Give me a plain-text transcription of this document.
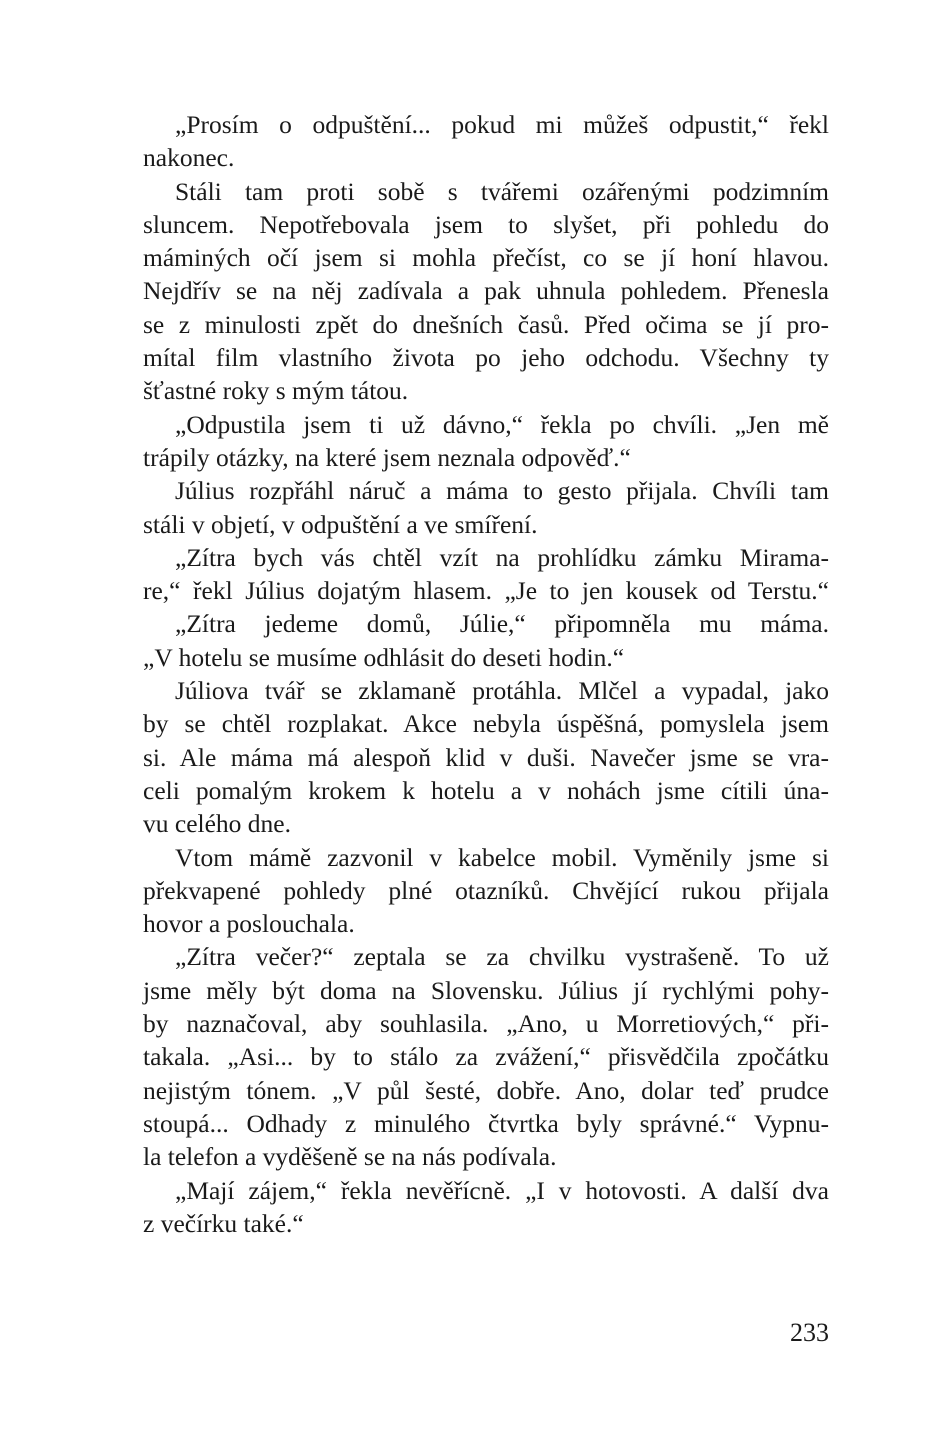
„Prosím o odpuštění... pokud mi můžeš odpustit,“ řekl
nakonec.
Stáli tam proti sobě s tvářemi ozářenými podzimním
sluncem. Nepotřebovala jsem to slyšet, při pohledu do
máminých očí jsem si mohla přečíst, co se jí honí hlavou.
Nejdřív se na něj zadívala a pak uhnula pohledem. Přenesla
se z minulosti zpět do dnešních časů. Před očima se jí pro-
mítal film vlastního života po jeho odchodu. Všechny ty
šťastné roky s mým tátou.
„Odpustila jsem ti už dávno,“ řekla po chvíli. „Jen mě
trápily otázky, na které jsem neznala odpověď.“
Július rozpřáhl náruč a máma to gesto přijala. Chvíli tam
stáli v objetí, v odpuštění a ve smíření.
„Zítra bych vás chtěl vzít na prohlídku zámku Mirama-
re,“ řekl Július dojatým hlasem. „Je to jen kousek od Terstu.“
„Zítra jedeme domů, Júlie,“ připomněla mu máma.
„V hotelu se musíme odhlásit do deseti hodin.“
Júliova tvář se zklamaně protáhla. Mlčel a vypadal, jako
by se chtěl rozplakat. Akce nebyla úspěšná, pomyslela jsem
si. Ale máma má alespoň klid v duši. Navečer jsme se vra-
celi pomalým krokem k hotelu a v nohách jsme cítili úna-
vu celého dne.
Vtom mámě zazvonil v kabelce mobil. Vyměnily jsme si
překvapené pohledy plné otazníků. Chvějící rukou přijala
hovor a poslouchala.
„Zítra večer?“ zeptala se za chvilku vystrašeně. To už
jsme měly být doma na Slovensku. Július jí rychlými pohy-
by naznačoval, aby souhlasila. „Ano, u Morretiových,“ při-
takala. „Asi... by to stálo za zvážení,“ přisvědčila zpočátku
nejistým tónem. „V půl šesté, dobře. Ano, dolar teď prudce
stoupá... Odhady z minulého čtvrtka byly správné.“ Vypnu-
la telefon a vyděšeně se na nás podívala.
„Mají zájem,“ řekla nevěřícně. „I v hotovosti. A další dva
z večírku také.“
233
